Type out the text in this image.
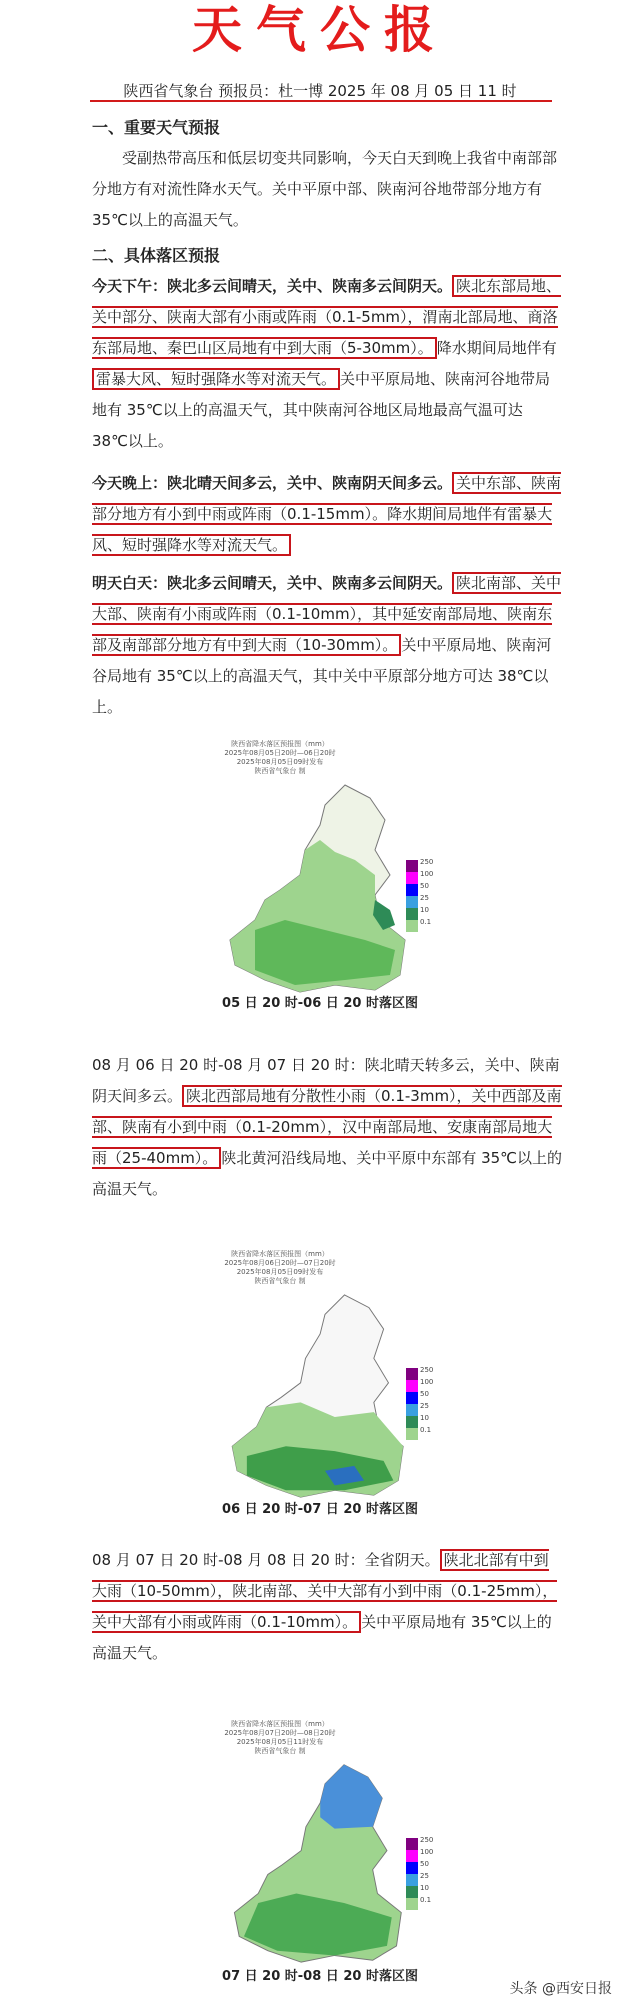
天气公报
陕西省气象台 预报员：杜一博 2025 年 08 月 05 日 11 时
一、重要天气预报
受副热带高压和低层切变共同影响，今天白天到晚上我省中南部部分地方有对流性降水天气。关中平原中部、陕南河谷地带部分地方有 35℃以上的高温天气。
二、具体落区预报
今天下午：陕北多云间晴天，关中、陕南多云间阴天。 陕北东部局地、关中部分、陕南大部有小雨或阵雨（0.1-5mm），渭南北部局地、商洛东部局地、秦巴山区局地有中到大雨（5-30mm）。 降水期间局地伴有雷暴大风、短时强降水等对流天气。 关中平原局地、陕南河谷地带局地有 35℃以上的高温天气，其中陕南河谷地区局地最高气温可达 38℃以上。
今天晚上：陕北晴天间多云，关中、陕南阴天间多云。 关中东部、陕南部分地方有小到中雨或阵雨（0.1-15mm）。降水期间局地伴有雷暴大风、短时强降水等对流天气。
明天白天：陕北多云间晴天，关中、陕南多云间阴天。 陕北南部、关中大部、陕南有小雨或阵雨（0.1-10mm），其中延安南部局地、陕南东部及南部部分地方有中到大雨（10-30mm）。 关中平原局地、陕南河谷局地有 35℃以上的高温天气，其中关中平原部分地方可达 38℃以上。
陕西省降水落区预报图（mm）
2025年08月05日20时—06日20时
2025年08月05日09时发布
陕西省气象台 制
250
100
50
25
10
0.1
05 日 20 时-06 日 20 时落区图
08 月 06 日 20 时-08 月 07 日 20 时：陕北晴天转多云，关中、陕南阴天间多云。 陕北西部局地有分散性小雨（0.1-3mm），关中西部及南部、陕南有小到中雨（0.1-20mm），汉中南部局地、安康南部局地大雨（25-40mm）。 陕北黄河沿线局地、关中平原中东部有 35℃以上的高温天气。
陕西省降水落区预报图（mm）
2025年08月06日20时—07日20时
2025年08月05日09时发布
陕西省气象台 制
250
100
50
25
10
0.1
06 日 20 时-07 日 20 时落区图
08 月 07 日 20 时-08 月 08 日 20 时：全省阴天。 陕北北部有中到大雨（10-50mm），陕北南部、关中大部有小到中雨（0.1-25mm），关中大部有小雨或阵雨（0.1-10mm）。 关中平原局地有 35℃以上的高温天气。
陕西省降水落区预报图（mm）
2025年08月07日20时—08日20时
2025年08月05日11时发布
陕西省气象台 制
250
100
50
25
10
0.1
07 日 20 时-08 日 20 时落区图
头条 @西安日报
